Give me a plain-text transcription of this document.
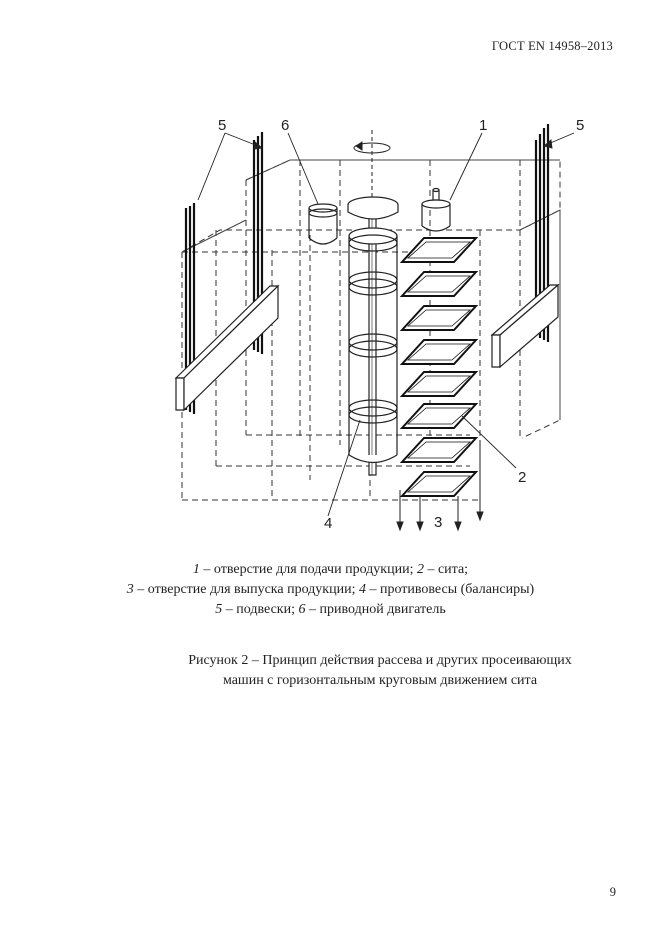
ГОСТ EN 14958–2013
1
2
3
4
5	5
6
1 – отверстие для подачи продукции; 2 – сита;
3 – отверстие для выпуска продукции; 4 – противовесы (балансиры)
5 – подвески; 6 – приводной двигатель
Рисунок 2 – Принцип действия рассева и других просеивающих
машин с горизонтальным круговым движением сита
9
